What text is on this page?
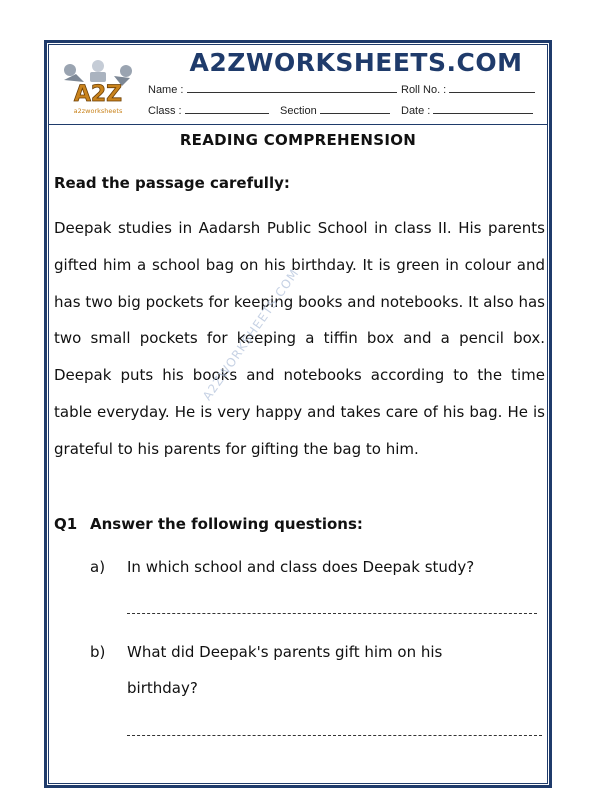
A2Z
a2zworksheets
A2ZWORKSHEETS.COM
Name :	Roll No. :
Class :	Section	Date :
READING COMPREHENSION
Read the passage carefully:

Deepak studies in Aadarsh Public School in class II. His parents gifted him a school bag on his birthday. It is green in colour and has two big pockets for keeping books and notebooks. It also has two small pockets for keeping a tiffin box and a pencil box. Deepak puts his books and notebooks according to the time table everyday. He is very happy and takes care of his bag. He is grateful to his parents for gifting the bag to him.

A2ZWORKSHEETS.COM
Q1 Answer the following questions:
a) In which school and class does Deepak study?
b) What did Deepak's parents gift him on his birthday?
